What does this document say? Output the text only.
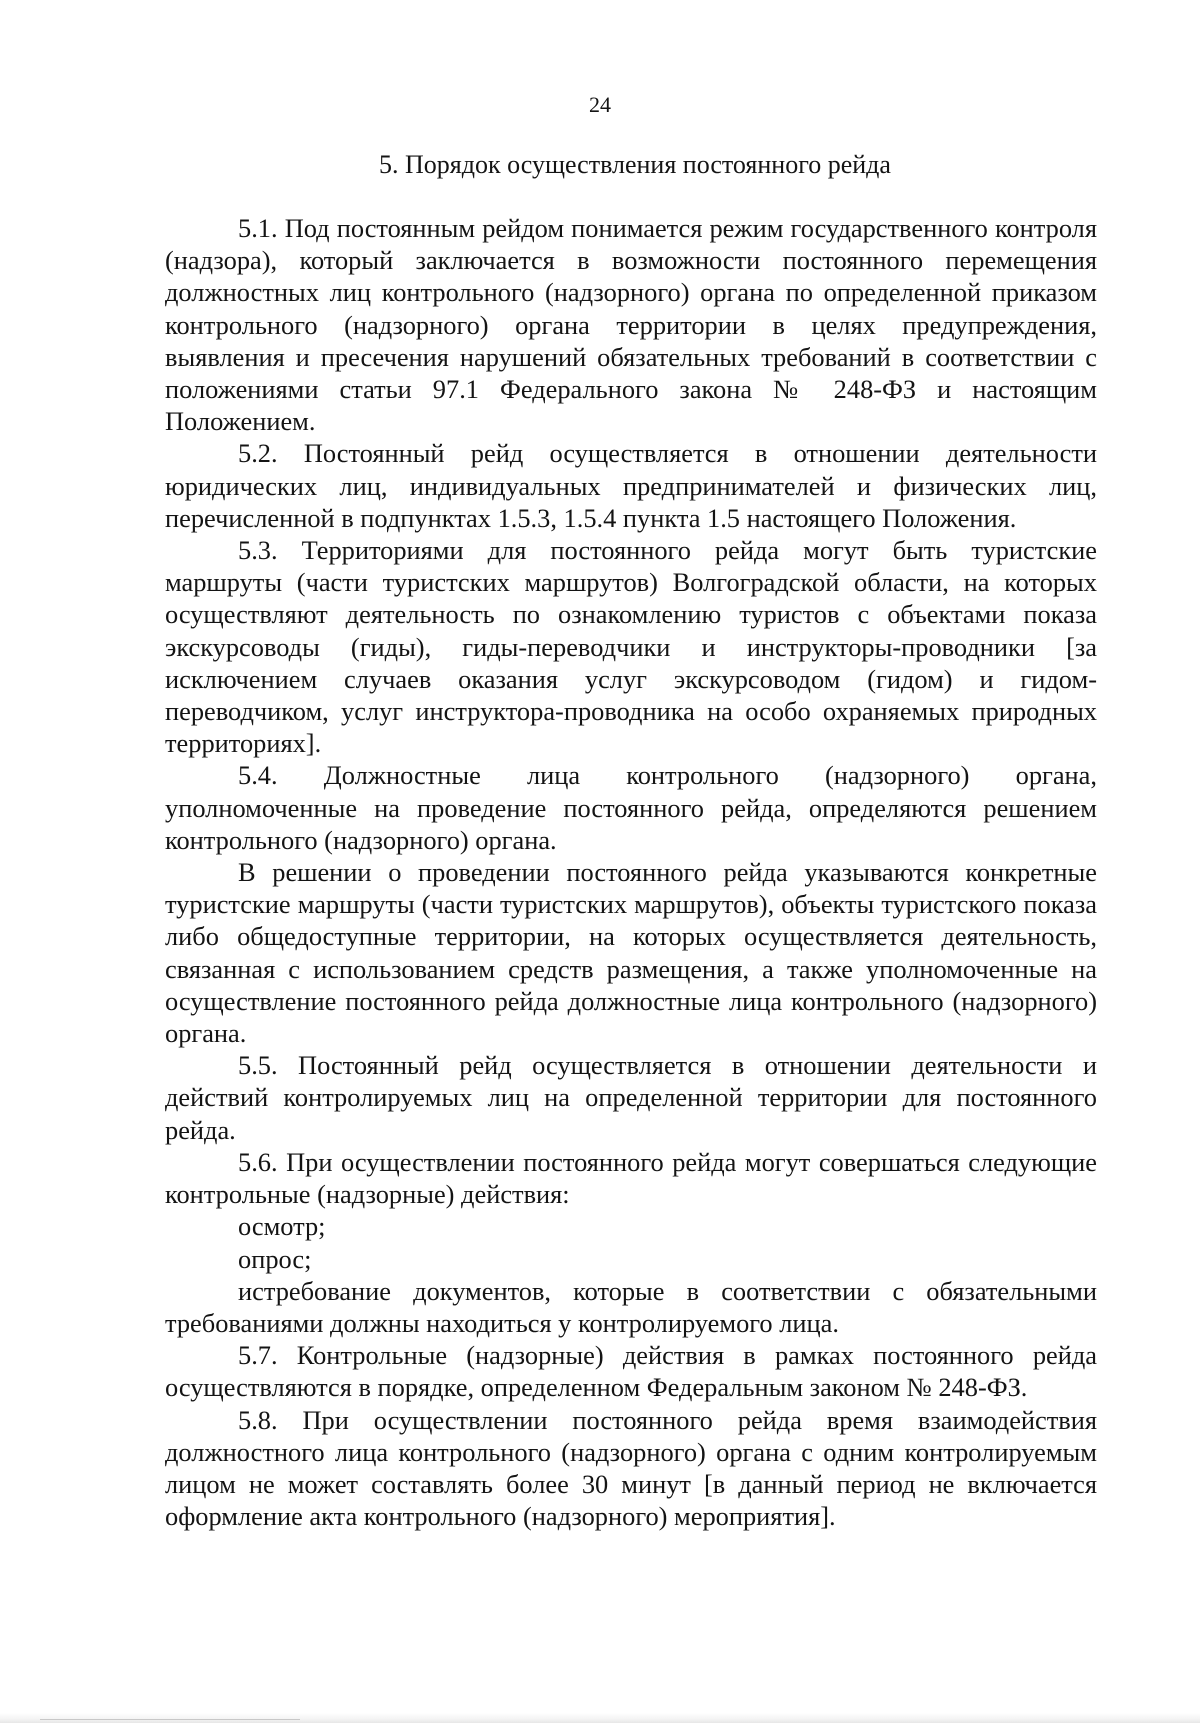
24
5. Порядок осуществления постоянного рейда

5.1. Под постоянным рейдом понимается режим государственного контроля (надзора), который заключается в возможности постоянного перемещения должностных лиц контрольного (надзорного) органа по определенной приказом контрольного (надзорного) органа территории в целях предупреждения, выявления и пресечения нарушений обязательных требований в соответствии с положениями статьи 97.1 Федерального закона № 248-ФЗ и настоящим Положением.

5.2. Постоянный рейд осуществляется в отношении деятельности юридических лиц, индивидуальных предпринимателей и физических лиц, перечисленной в подпунктах 1.5.3, 1.5.4 пункта 1.5 настоящего Положения.

5.3. Территориями для постоянного рейда могут быть туристские маршруты (части туристских маршрутов) Волгоградской области, на которых осуществляют деятельность по ознакомлению туристов с объектами показа экскурсоводы (гиды), гиды-переводчики и инструкторы-проводники [за исключением случаев оказания услуг экскурсоводом (гидом) и гидом-переводчиком, услуг инструктора-проводника на особо охраняемых природных территориях].

5.4. Должностные лица контрольного (надзорного) органа, уполномоченные на проведение постоянного рейда, определяются решением контрольного (надзорного) органа.

В решении о проведении постоянного рейда указываются конкретные туристские маршруты (части туристских маршрутов), объекты туристского показа либо общедоступные территории, на которых осуществляется деятельность, связанная с использованием средств размещения, а также уполномоченные на осуществление постоянного рейда должностные лица контрольного (надзорного) органа.

5.5. Постоянный рейд осуществляется в отношении деятельности и действий контролируемых лиц на определенной территории для постоянного рейда.

5.6. При осуществлении постоянного рейда могут совершаться следующие контрольные (надзорные) действия:

осмотр;

опрос;

истребование документов, которые в соответствии с обязательными требованиями должны находиться у контролируемого лица.

5.7. Контрольные (надзорные) действия в рамках постоянного рейда осуществляются в порядке, определенном Федеральным законом № 248-ФЗ.

5.8. При осуществлении постоянного рейда время взаимодействия должностного лица контрольного (надзорного) органа с одним контролируемым лицом не может составлять более 30 минут [в данный период не включается оформление акта контрольного (надзорного) мероприятия].
